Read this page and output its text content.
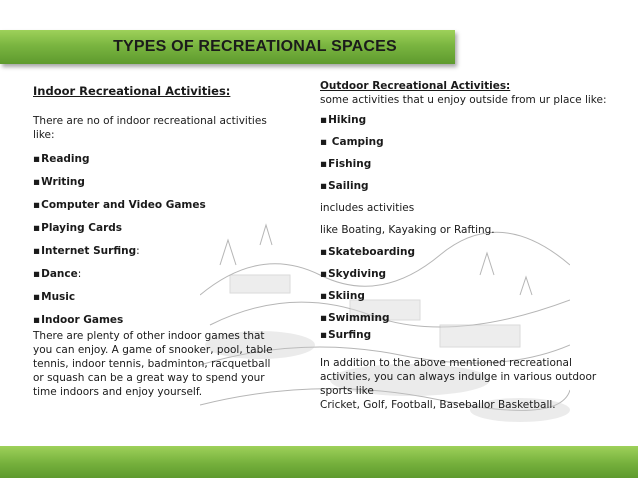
TYPES OF RECREATIONAL SPACES
Indoor Recreational Activities:
There are no of indoor recreational activities like:
▪ Reading
▪ Writing
▪ Computer and Video Games
▪ Playing Cards
▪ Internet Surfing:
▪ Dance:
▪ Music
▪ Indoor Games
There are plenty of other indoor games that you can enjoy. A game of snooker, pool, table tennis, indoor tennis, badminton, racquetball or squash can be a great way to spend your time indoors and enjoy yourself.
Outdoor Recreational Activities:
some activities that u enjoy outside from ur place like:
▪ Hiking
▪ Camping
▪ Fishing
▪ Sailing
includes activities
like Boating, Kayaking or Rafting.
▪ Skateboarding
▪ Skydiving
▪ Skiing
▪ Swimming
▪ Surfing
In addition to the above mentioned recreational activities, you can always indulge in various outdoor sports like
Cricket, Golf, Football, Baseballor Basketball.
